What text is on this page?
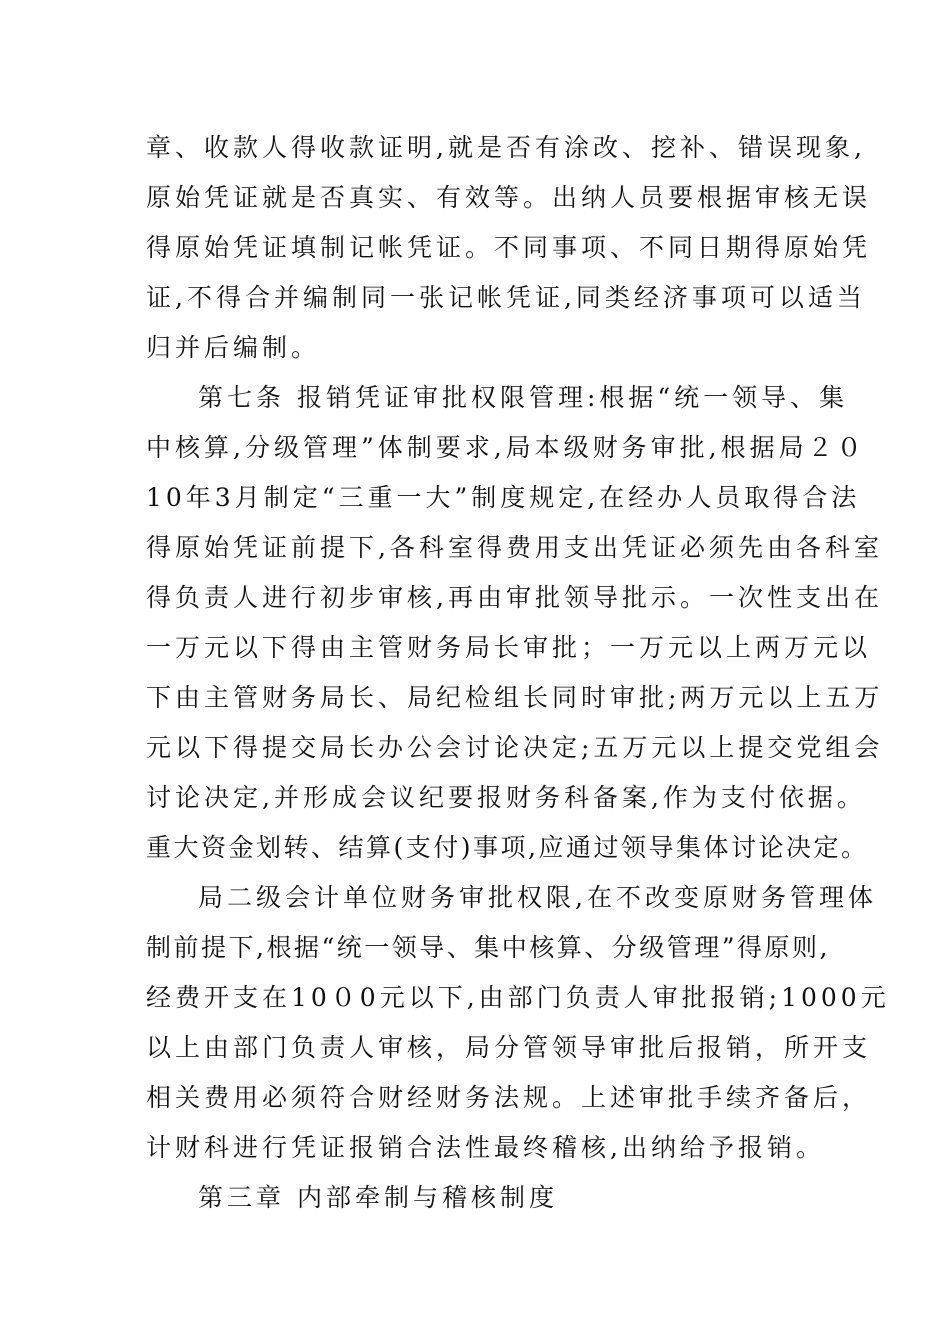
章、收款人得收款证明,就是否有涂改、挖补、错误现象,
原始凭证就是否真实、有效等。出纳人员要根据审核无误
得原始凭证填制记帐凭证。不同事项、不同日期得原始凭
证,不得合并编制同一张记帐凭证,同类经济事项可以适当
归并后编制。
第七条 报销凭证审批权限管理:根据“统一领导、集
中核算,分级管理”体制要求,局本级财务审批,根据局２０
10年3月制定“三重一大”制度规定,在经办人员取得合法
得原始凭证前提下,各科室得费用支出凭证必须先由各科室
得负责人进行初步审核,再由审批领导批示。一次性支出在
一万元以下得由主管财务局长审批；一万元以上两万元以
下由主管财务局长、局纪检组长同时审批;两万元以上五万
元以下得提交局长办公会讨论决定;五万元以上提交党组会
讨论决定,并形成会议纪要报财务科备案,作为支付依据。
重大资金划转、结算(支付)事项,应通过领导集体讨论决定。
局二级会计单位财务审批权限,在不改变原财务管理体
制前提下,根据“统一领导、集中核算、分级管理”得原则,
经费开支在10０0元以下,由部门负责人审批报销;1000元
以上由部门负责人审核，局分管领导审批后报销，所开支
相关费用必须符合财经财务法规。上述审批手续齐备后，
计财科进行凭证报销合法性最终稽核,出纳给予报销。
第三章 内部牵制与稽核制度
